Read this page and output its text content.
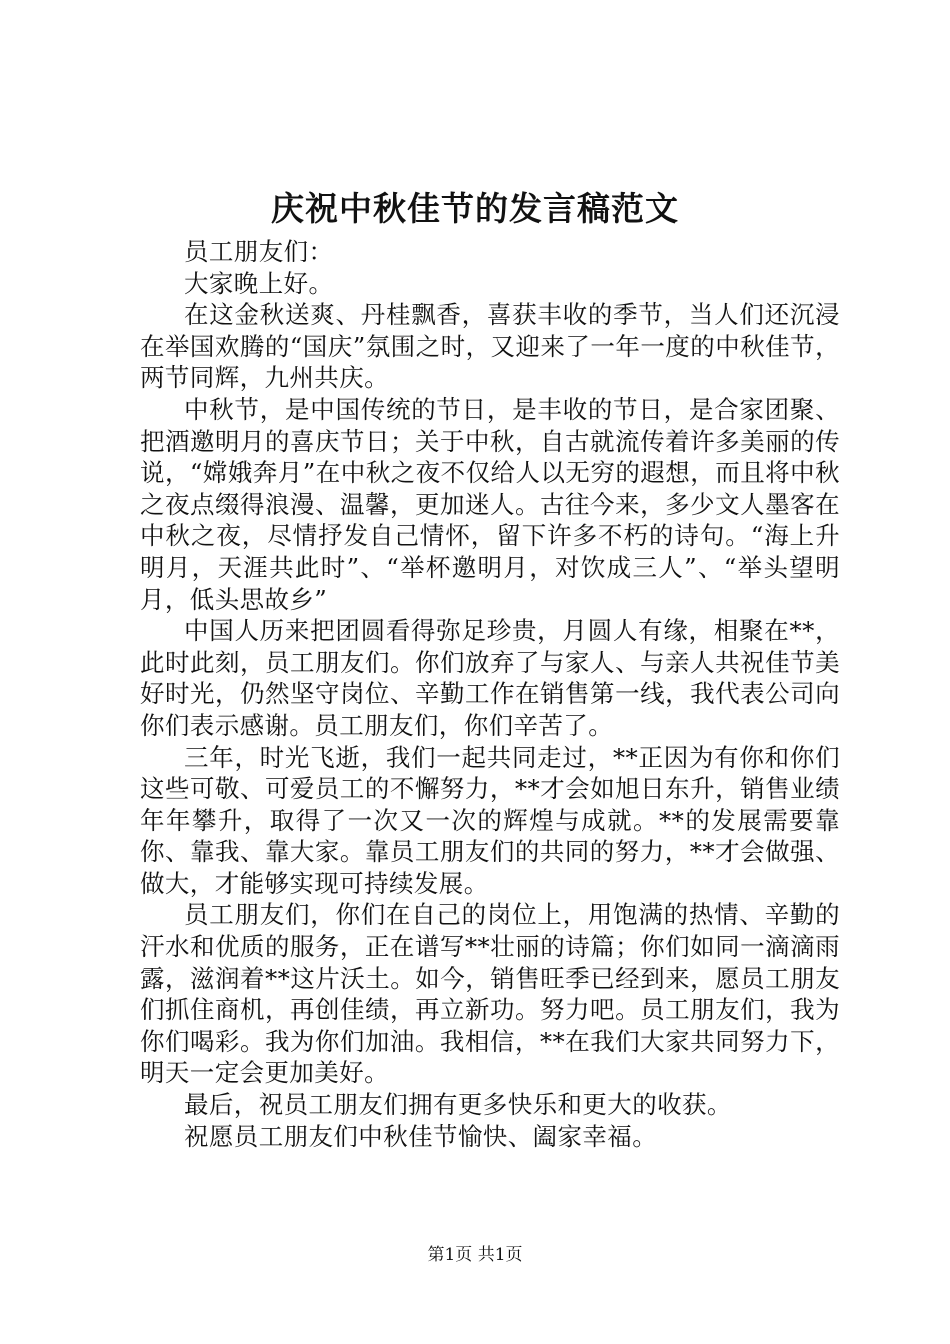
庆祝中秋佳节的发言稿范文

员工朋友们：

大家晚上好。

在这金秋送爽、丹桂飘香，喜获丰收的季节，当人们还沉浸在举国欢腾的“国庆”氛围之时，又迎来了一年一度的中秋佳节，两节同辉，九州共庆。

中秋节，是中国传统的节日，是丰收的节日，是合家团聚、把酒邀明月的喜庆节日；关于中秋，自古就流传着许多美丽的传说，“嫦娥奔月”在中秋之夜不仅给人以无穷的遐想，而且将中秋之夜点缀得浪漫、温馨，更加迷人。古往今来，多少文人墨客在中秋之夜，尽情抒发自己情怀，留下许多不朽的诗句。“海上升明月，天涯共此时”、“举杯邀明月，对饮成三人”、“举头望明月，低头思故乡”

中国人历来把团圆看得弥足珍贵，月圆人有缘，相聚在**，此时此刻，员工朋友们。你们放弃了与家人、与亲人共祝佳节美好时光，仍然坚守岗位、辛勤工作在销售第一线，我代表公司向你们表示感谢。员工朋友们，你们辛苦了。

三年，时光飞逝，我们一起共同走过，**正因为有你和你们这些可敬、可爱员工的不懈努力，**才会如旭日东升，销售业绩年年攀升，取得了一次又一次的辉煌与成就。**的发展需要靠你、靠我、靠大家。靠员工朋友们的共同的努力，**才会做强、做大，才能够实现可持续发展。

员工朋友们，你们在自己的岗位上，用饱满的热情、辛勤的汗水和优质的服务，正在谱写**壮丽的诗篇；你们如同一滴滴雨露，滋润着**这片沃土。如今，销售旺季已经到来，愿员工朋友们抓住商机，再创佳绩，再立新功。努力吧。员工朋友们，我为你们喝彩。我为你们加油。我相信，**在我们大家共同努力下，明天一定会更加美好。

最后，祝员工朋友们拥有更多快乐和更大的收获。

祝愿员工朋友们中秋佳节愉快、阖家幸福。

第1页 共1页
